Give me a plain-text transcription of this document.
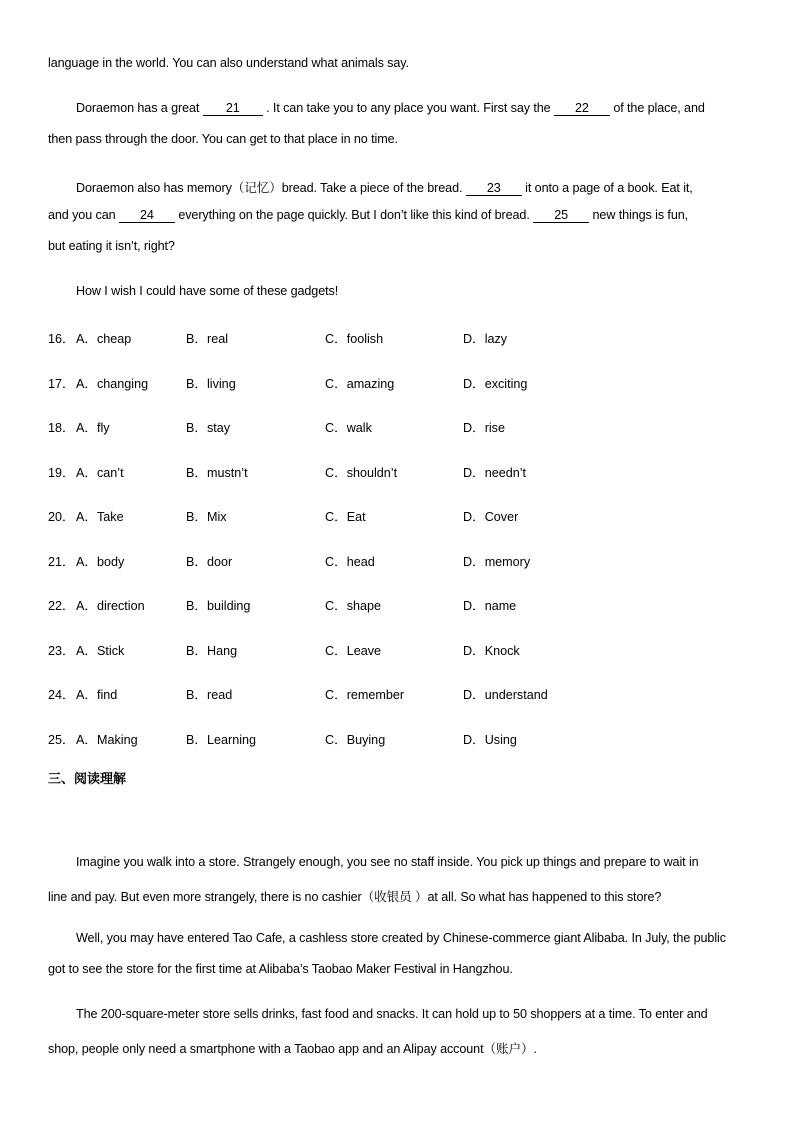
language in the world. You can also understand what animals say.
Doraemon has a great 21 . It can take you to any place you want. First say the 22 of the place, and
then pass through the door. You can get to that place in no time.
Doraemon also has memory（记忆）bread. Take a piece of the bread. 23 it onto a page of a book. Eat it,
and you can 24 everything on the page quickly. But I don’t like this kind of bread. 25 new things is fun,
but eating it isn’t, right?
How I wish I could have some of these gadgets!
16． A．cheap	B．real	C．foolish	D．lazy
17． A．changing	B．living	C．amazing	D．exciting
18． A．fly	B．stay	C．walk	D．rise
19． A．can’t	B．mustn’t	C．shouldn’t	D．needn’t
20． A．Take	B．Mix	C．Eat	D．Cover
21． A．body	B．door	C．head	D．memory
22． A．direction	B．building	C．shape	D．name
23． A．Stick	B．Hang	C．Leave	D．Knock
24． A．find	B．read	C．remember	D．understand
25． A．Making	B．Learning	C．Buying	D．Using
三、阅读理解
Imagine you walk into a store. Strangely enough, you see no staff inside. You pick up things and prepare to wait in
line and pay. But even more strangely, there is no cashier（收银员 ）at all. So what has happened to this store?
Well, you may have entered Tao Cafe, a cashless store created by Chinese-commerce giant Alibaba. In July, the public
got to see the store for the first time at Alibaba’s Taobao Maker Festival in Hangzhou.
The 200-square-meter store sells drinks, fast food and snacks. It can hold up to 50 shoppers at a time. To enter and
shop, people only need a smartphone with a Taobao app and an Alipay account（账户）.
